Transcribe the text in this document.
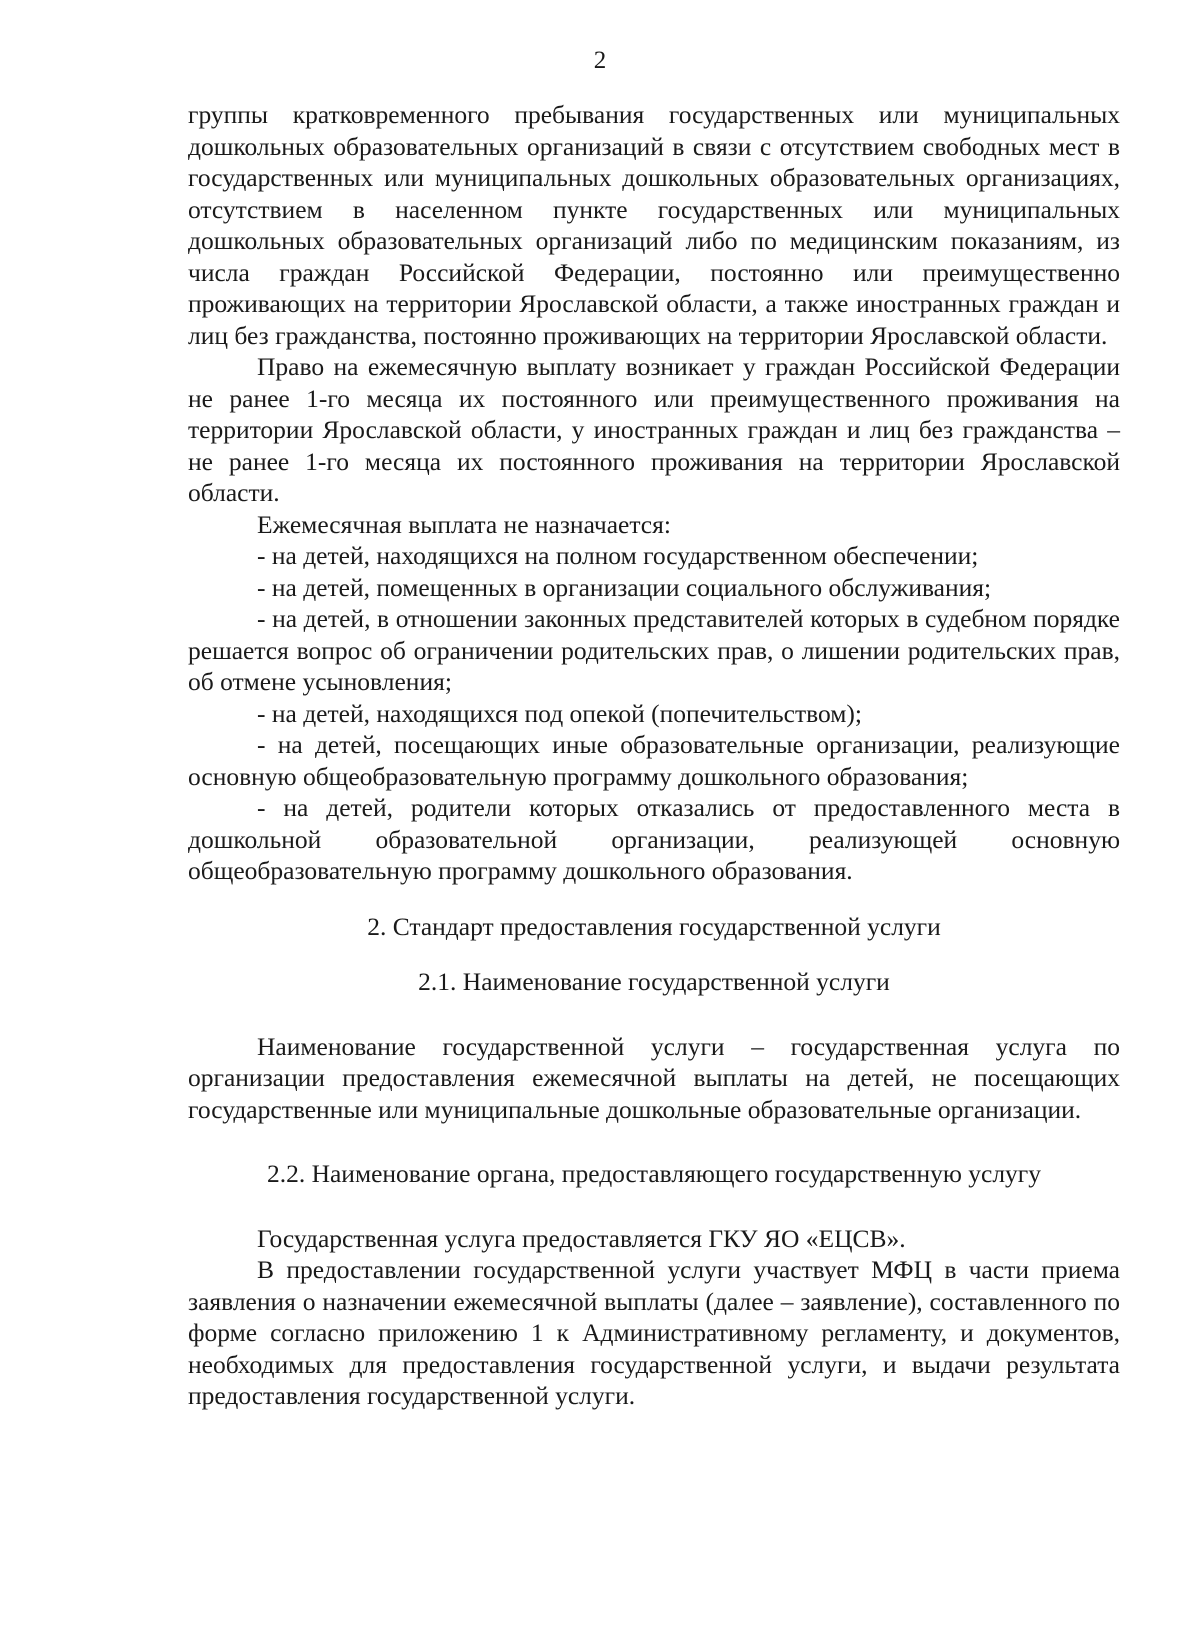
2

группы кратковременного пребывания государственных или муниципальных дошкольных образовательных организаций в связи с отсутствием свободных мест в государственных или муниципальных дошкольных образовательных организациях, отсутствием в населенном пункте государственных или муниципальных дошкольных образовательных организаций либо по медицинским показаниям, из числа граждан Российской Федерации, постоянно или преимущественно проживающих на территории Ярославской области, а также иностранных граждан и лиц без гражданства, постоянно проживающих на территории Ярославской области.

Право на ежемесячную выплату возникает у граждан Российской Федерации не ранее 1-го месяца их постоянного или преимущественного проживания на территории Ярославской области, у иностранных граждан и лиц без гражданства – не ранее 1-го месяца их постоянного проживания на территории Ярославской области.

Ежемесячная выплата не назначается:

- на детей, находящихся на полном государственном обеспечении;

- на детей, помещенных в организации социального обслуживания;

- на детей, в отношении законных представителей которых в судебном порядке решается вопрос об ограничении родительских прав, о лишении родительских прав, об отмене усыновления;

- на детей, находящихся под опекой (попечительством);

- на детей, посещающих иные образовательные организации, реализующие основную общеобразовательную программу дошкольного образования;

- на детей, родители которых отказались от предоставленного места в дошкольной образовательной организации, реализующей основную общеобразовательную программу дошкольного образования.

2. Стандарт предоставления государственной услуги

2.1. Наименование государственной услуги

Наименование государственной услуги – государственная услуга по организации предоставления ежемесячной выплаты на детей, не посещающих государственные или муниципальные дошкольные образовательные организации.

2.2. Наименование органа, предоставляющего государственную услугу

Государственная услуга предоставляется ГКУ ЯО «ЕЦСВ».

В предоставлении государственной услуги участвует МФЦ в части приема заявления о назначении ежемесячной выплаты (далее – заявление), составленного по форме согласно приложению 1 к Административному регламенту, и документов, необходимых для предоставления государственной услуги, и выдачи результата предоставления государственной услуги.
